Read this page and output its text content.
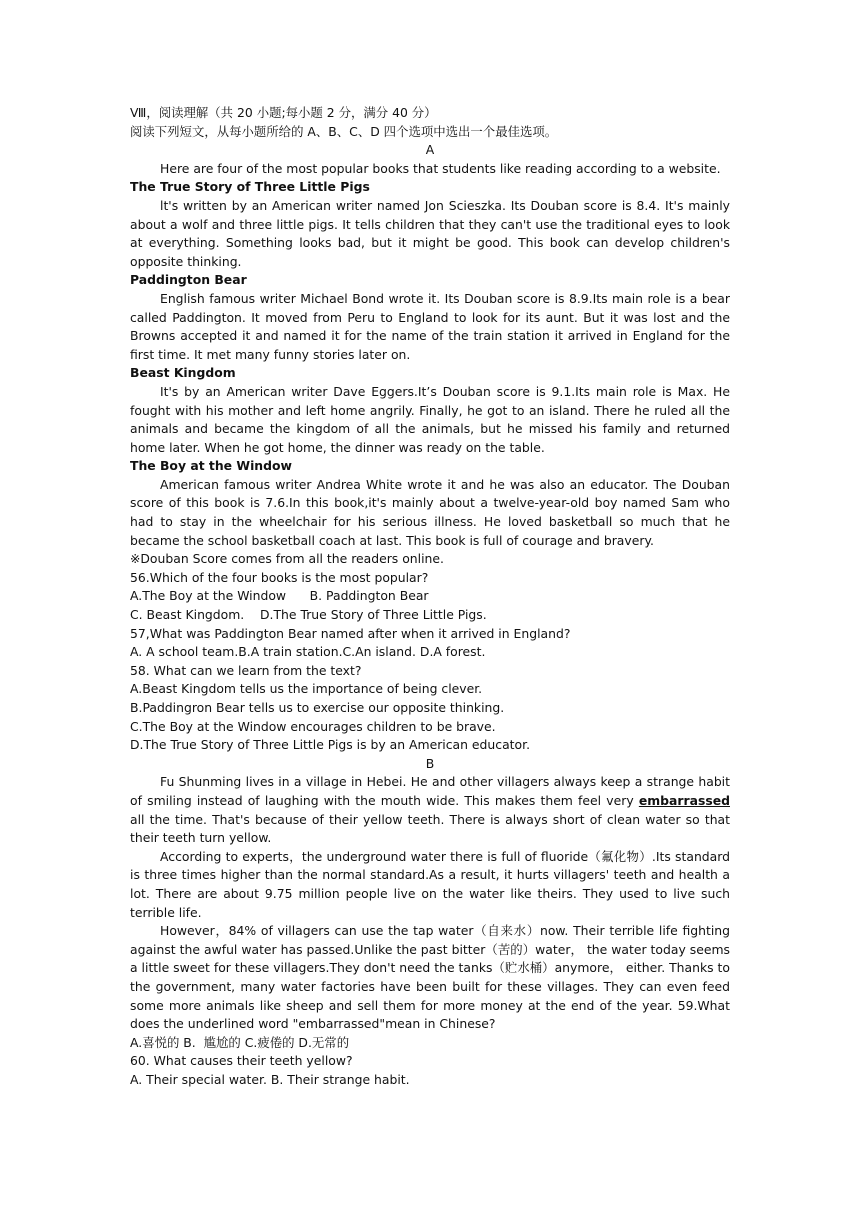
Ⅷ，阅读理解（共 20 小题;每小题 2 分，满分 40 分）
阅读下列短文，从每小题所给的 A、B、C、D 四个选项中选出一个最佳选项。
A

Here are four of the most popular books that students like reading according to a website.

The True Story of Three Little Pigs

lt's written by an American writer named Jon Scieszka. Its Douban score is 8.4. It's mainly about a wolf and three little pigs. It tells children that they can't use the traditional eyes to look at everything. Something looks bad, but it might be good. This book can develop children's opposite thinking.

Paddington Bear

English famous writer Michael Bond wrote it. Its Douban score is 8.9.Its main role is a bear called Paddington. It moved from Peru to England to look for its aunt. But it was lost and the Browns accepted it and named it for the name of the train station it arrived in England for the first time. It met many funny stories later on.

Beast Kingdom

It's by an American writer Dave Eggers.It’s Douban score is 9.1.Its main role is Max. He fought with his mother and left home angrily. Finally, he got to an island. There he ruled all the animals and became the kingdom of all the animals, but he missed his family and returned home later. When he got home, the dinner was ready on the table.

The Boy at the Window

American famous writer Andrea White wrote it and he was also an educator. The Douban score of this book is 7.6.In this book,it's mainly about a twelve-year-old boy named Sam who had to stay in the wheelchair for his serious illness. He loved basketball so much that he became the school basketball coach at last. This book is full of courage and bravery.

※Douban Score comes from all the readers online.
56.Which of the four books is the most popular?
A.The Boy at the Window      B. Paddington Bear
C. Beast Kingdom.    D.The True Story of Three Little Pigs.
57,What was Paddington Bear named after when it arrived in England?
A. A school team.B.A train station.C.An island. D.A forest.
58. What can we learn from the text?
A.Beast Kingdom tells us the importance of being clever.
B.Paddingron Bear tells us to exercise our opposite thinking.
C.The Boy at the Window encourages children to be brave.
D.The True Story of Three Little Pigs is by an American educator.
B

Fu Shunming lives in a village in Hebei. He and other villagers always keep a strange habit of smiling instead of laughing with the mouth wide. This makes them feel very embarrassed all the time. That's because of their yellow teeth. There is always short of clean water so that their teeth turn yellow.

According to experts，the underground water there is full of fluoride（氟化物）.Its standard is three times higher than the normal standard.As a result, it hurts villagers' teeth and health a lot. There are about 9.75 million people live on the water like theirs. They used to live such terrible life.

However，84% of villagers can use the tap water（自来水）now. Their terrible life fighting against the awful water has passed.Unlike the past bitter（苦的）water， the water today seems a little sweet for these villagers.They don't need the tanks（贮水桶）anymore， either. Thanks to the government, many water factories have been built for these villages. They can even feed some more animals like sheep and sell them for more money at the end of the year. 59.What does the underlined word "embarrassed"mean in Chinese?

A.喜悦的 B.  尴尬的 C.疲倦的 D.无常的
60. What causes their teeth yellow?
A. Their special water. B. Their strange habit.
